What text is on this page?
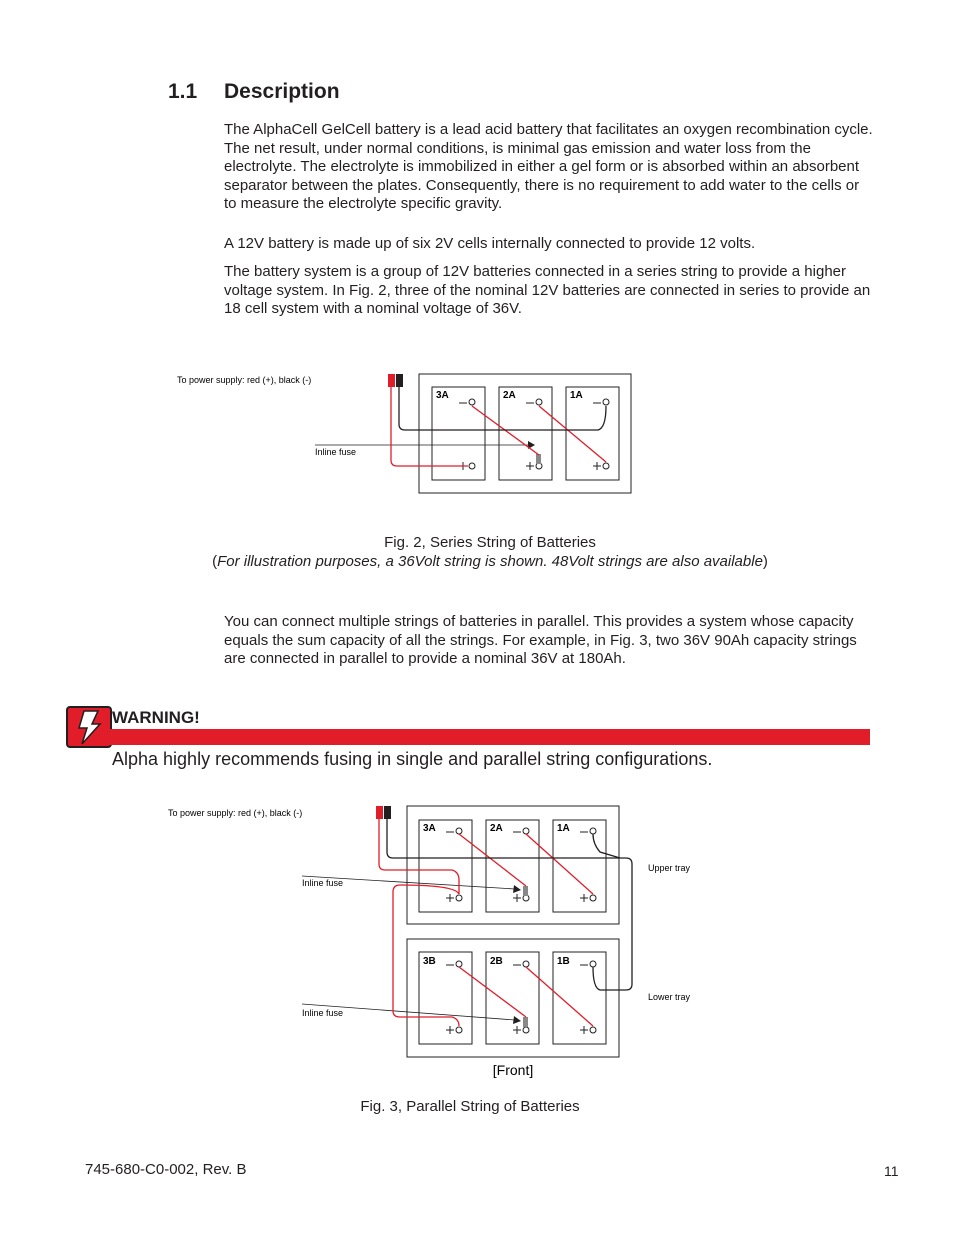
1.1 Description
The AlphaCell GelCell battery is a lead acid battery that facilitates an oxygen recombination cycle. The net result, under normal conditions, is minimal gas emission and water loss from the electrolyte. The electrolyte is immobilized in either a gel form or is absorbed within an absorbent separator between the plates. Consequently, there is no requirement to add water to the cells or to measure the electrolyte specific gravity.
A 12V battery is made up of six 2V cells internally connected to provide 12 volts.
The battery system is a group of 12V batteries connected in a series string to provide a higher voltage system. In Fig. 2, three of the nominal 12V batteries are connected in series to provide an 18 cell system with a nominal voltage of 36V.
To power supply: red (+), black (-)
Inline fuse
3A	2A	1A
Fig. 2, Series String of Batteries
(For illustration purposes, a 36Volt string is shown. 48Volt strings are also available)
You can connect multiple strings of batteries in parallel. This provides a system whose capacity equals the sum capacity of all the strings. For example, in Fig. 3, two 36V 90Ah capacity strings are connected in parallel to provide a nominal 36V at 180Ah.
WARNING!
Alpha highly recommends fusing in single and parallel string configurations.
To power supply: red (+), black (-)
Inline fuse
Inline fuse
Upper tray
Lower tray
[Front]
3A	2A	1A
3B	2B	1B
Fig. 3, Parallel String of Batteries
745-680-C0-002, Rev. B	11
